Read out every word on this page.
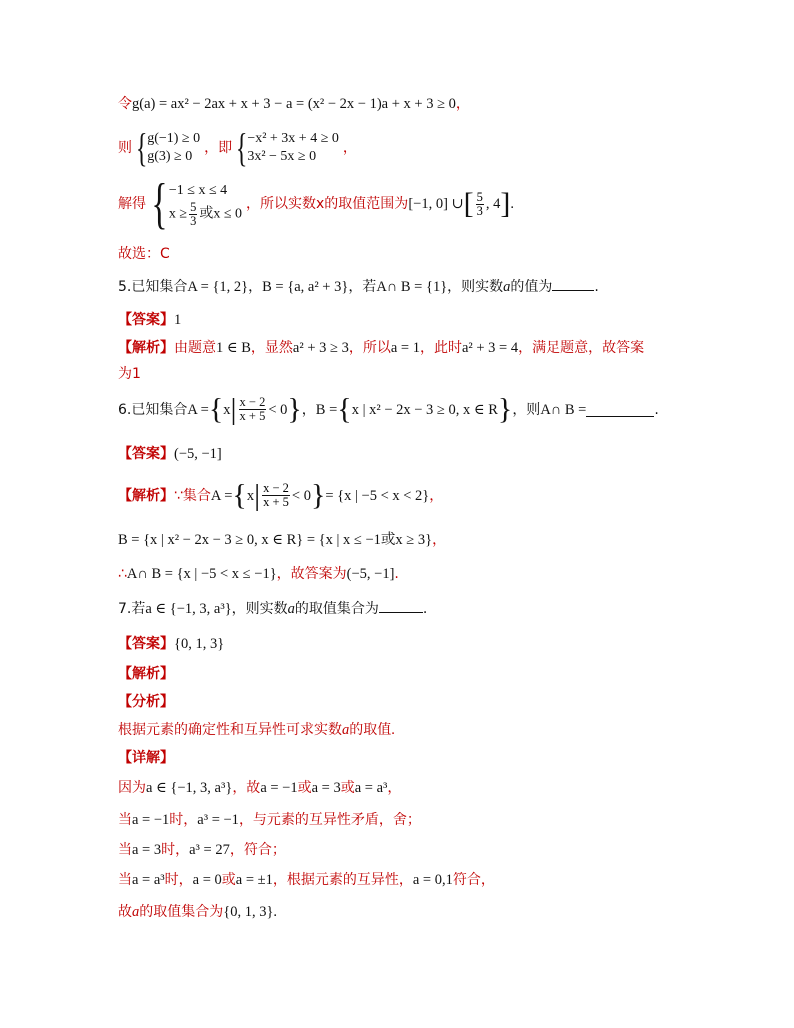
令g(a) = ax² − 2ax + x + 3 − a = (x² − 2x − 1)a + x + 3 ≥ 0，
则{ g(−1) ≥ 0
g(3) ≥ 0
，即{ −x² + 3x + 4 ≥ 0
3x² − 5x ≥ 0
，
解得{ −1 ≤ x ≤ 4
$x \ge \frac{5}{3}$ 或x ≤ 0
，所以实数x的取值范围为[−1, 0] ∪[ $\frac{5}{3}$ , 4].
故选：C
5.已知集合A = {1, 2}，B = {a, a² + 3}，若A∩ B = {1}，则实数a的值为	.
【答案】1
【解析】由题意1 ∈ B，显然a² + 3 ≥ 3，所以a = 1，此时a² + 3 = 4，满足题意，故答案
为1
6.已知集合$A =\{x| \frac{x - 2}{x + 5} < 0\}$，B ={x | x² − 2x − 3 ≥ 0, x ∈ R}，则A∩ B =	.
【答案】(−5, −1]
【解析】∵集合$A =\{x| \frac{x - 2}{x + 5} < 0\}= \{x$ | −5 < x < 2}，
B = {x | x² − 2x − 3 ≥ 0, x ∈ R} = {x | x ≤ −1或x ≥ 3}，
∴A∩ B = {x | −5 < x ≤ −1}，故答案为(−5, −1].
7.若a ∈ {−1, 3, a³}，则实数a的取值集合为	.
【答案】{0, 1, 3}
【解析】
【分析】
根据元素的确定性和互异性可求实数a的取值.
【详解】
因为a ∈ {−1, 3, a³}，故a = −1或a = 3或a = a³，
当a = −1时，a³ = −1，与元素的互异性矛盾，舍；
当a = 3时，a³ = 27，符合；
当a = a³时，a = 0或a = ±1，根据元素的互异性，a = 0,1符合，
故a的取值集合为{0, 1, 3}.
